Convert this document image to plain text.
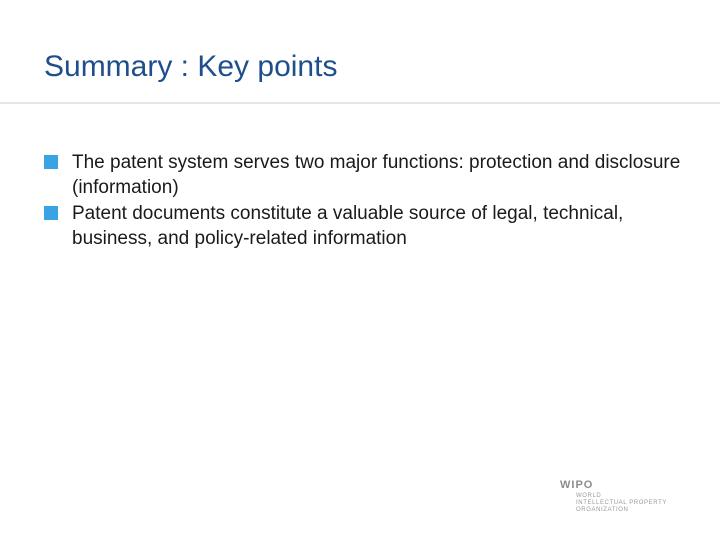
Summary : Key points
The patent system serves two major functions: protection and disclosure (information)
Patent documents constitute a valuable source of legal, technical, business, and policy-related information
WIPO
WORLD
INTELLECTUAL PROPERTY
ORGANIZATION
